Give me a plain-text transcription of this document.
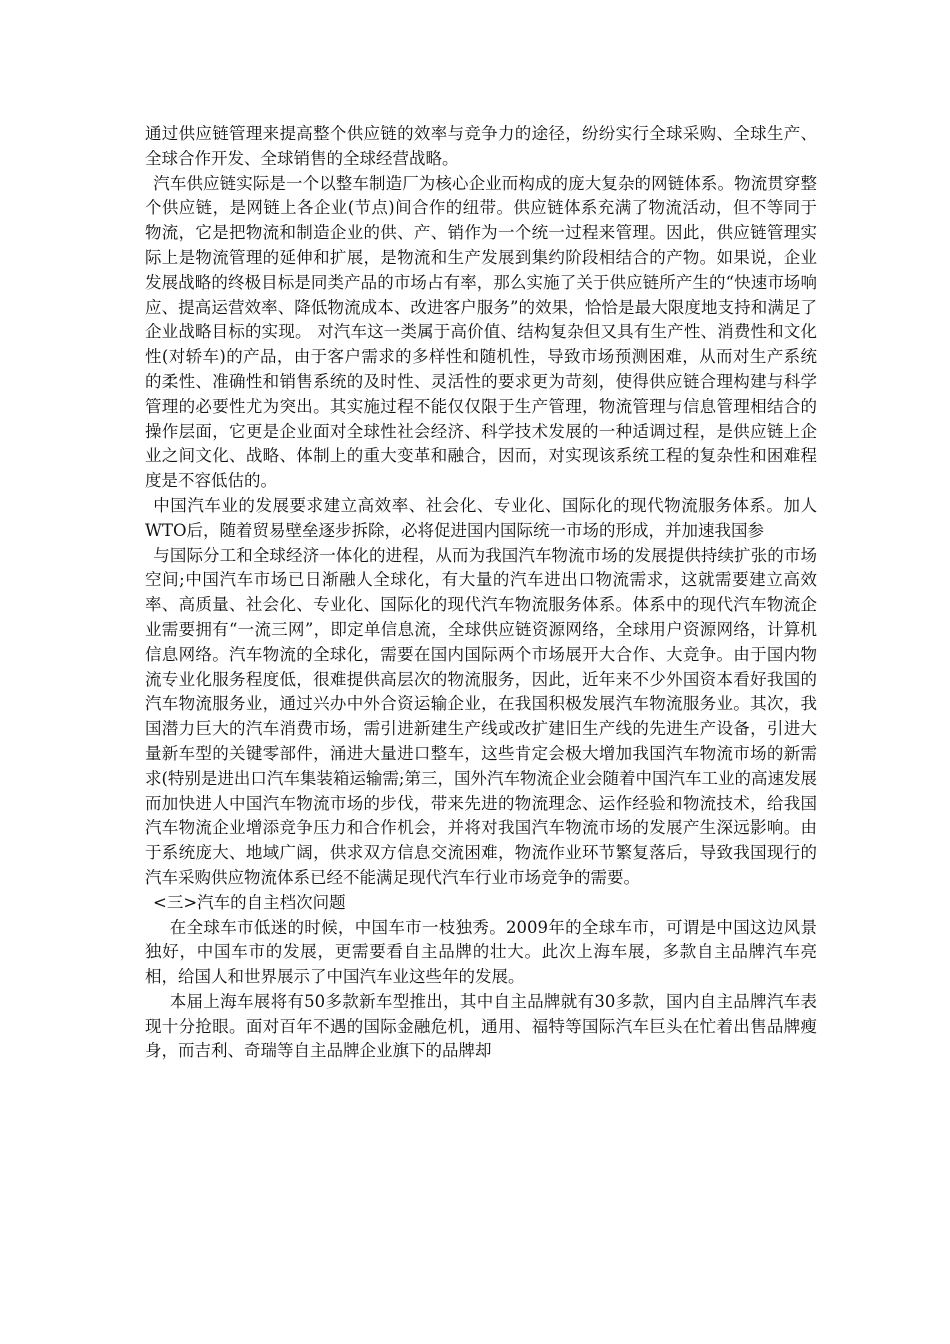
通过供应链管理来提高整个供应链的效率与竞争力的途径，纷纷实行全球采购、全球生产、全球合作开发、全球销售的全球经营战略。

汽车供应链实际是一个以整车制造厂为核心企业而构成的庞大复杂的网链体系。物流贯穿整个供应链，是网链上各企业(节点)间合作的纽带。供应链体系充满了物流活动，但不等同于物流，它是把物流和制造企业的供、产、销作为一个统一过程来管理。因此，供应链管理实际上是物流管理的延伸和扩展，是物流和生产发展到集约阶段相结合的产物。如果说，企业发展战略的终极目标是同类产品的市场占有率，那么实施了关于供应链所产生的“快速市场响应、提高运营效率、降低物流成本、改进客户服务”的效果，恰恰是最大限度地支持和满足了企业战略目标的实现。 对汽车这一类属于高价值、结构复杂但又具有生产性、消费性和文化性(对轿车)的产品，由于客户需求的多样性和随机性，导致市场预测困难，从而对生产系统的柔性、准确性和销售系统的及时性、灵活性的要求更为苛刻，使得供应链合理构建与科学管理的必要性尤为突出。其实施过程不能仅仅限于生产管理，物流管理与信息管理相结合的操作层面，它更是企业面对全球性社会经济、科学技术发展的一种适调过程，是供应链上企业之间文化、战略、体制上的重大变革和融合，因而，对实现该系统工程的复杂性和困难程度是不容低估的。

中国汽车业的发展要求建立高效率、社会化、专业化、国际化的现代物流服务体系。加人WTO后，随着贸易壁垒逐步拆除，必将促进国内国际统一市场的形成，并加速我国参

与国际分工和全球经济一体化的进程，从而为我国汽车物流市场的发展提供持续扩张的市场空间;中国汽车市场已日渐融人全球化，有大量的汽车进出口物流需求，这就需要建立高效率、高质量、社会化、专业化、国际化的现代汽车物流服务体系。体系中的现代汽车物流企业需要拥有“一流三网”，即定单信息流，全球供应链资源网络，全球用户资源网络，计算机信息网络。汽车物流的全球化，需要在国内国际两个市场展开大合作、大竞争。由于国内物流专业化服务程度低，很难提供高层次的物流服务，因此，近年来不少外国资本看好我国的汽车物流服务业，通过兴办中外合资运输企业，在我国积极发展汽车物流服务业。其次，我国潜力巨大的汽车消费市场，需引进新建生产线或改扩建旧生产线的先进生产设备，引进大量新车型的关键零部件，涌进大量进口整车，这些肯定会极大增加我国汽车物流市场的新需求(特别是进出口汽车集装箱运输需;第三，国外汽车物流企业会随着中国汽车工业的高速发展而加快进人中国汽车物流市场的步伐，带来先进的物流理念、运作经验和物流技术，给我国汽车物流企业增添竞争压力和合作机会，并将对我国汽车物流市场的发展产生深远影响。由于系统庞大、地域广阔，供求双方信息交流困难，物流作业环节繁复落后，导致我国现行的汽车采购供应物流体系已经不能满足现代汽车行业市场竞争的需要。

<三>汽车的自主档次问题

在全球车市低迷的时候，中国车市一枝独秀。2009年的全球车市，可谓是中国这边风景独好，中国车市的发展，更需要看自主品牌的壮大。此次上海车展，多款自主品牌汽车亮相，给国人和世界展示了中国汽车业这些年的发展。

本届上海车展将有50多款新车型推出，其中自主品牌就有30多款，国内自主品牌汽车表现十分抢眼。面对百年不遇的国际金融危机，通用、福特等国际汽车巨头在忙着出售品牌瘦身，而吉利、奇瑞等自主品牌企业旗下的品牌却
